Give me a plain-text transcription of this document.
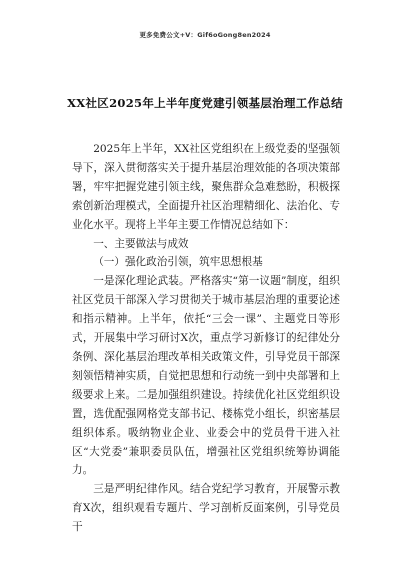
更多免费公文+V：Gif6oGong8en2024
XX社区2025年上半年度党建引领基层治理工作总结

2025年上半年，XX社区党组织在上级党委的坚强领导下，深入贯彻落实关于提升基层治理效能的各项决策部署，牢牢把握党建引领主线，聚焦群众急难愁盼，积极探索创新治理模式，全面提升社区治理精细化、法治化、专业化水平。现将上半年主要工作情况总结如下：

一、主要做法与成效

（一）强化政治引领，筑牢思想根基

一是深化理论武装。严格落实“第一议题”制度，组织社区党员干部深入学习贯彻关于城市基层治理的重要论述和指示精神。上半年，依托“三会一课”、主题党日等形式，开展集中学习研讨X次，重点学习新修订的纪律处分条例、深化基层治理改革相关政策文件，引导党员干部深刻领悟精神实质，自觉把思想和行动统一到中央部署和上级要求上来。二是加强组织建设。持续优化社区党组织设置，选优配强网格党支部书记、楼栋党小组长，织密基层组织体系。吸纳物业企业、业委会中的党员骨干进入社区“大党委”兼职委员队伍，增强社区党组织统筹协调能力。

三是严明纪律作风。结合党纪学习教育，开展警示教育X次，组织观看专题片、学习剖析反面案例，引导党员干
